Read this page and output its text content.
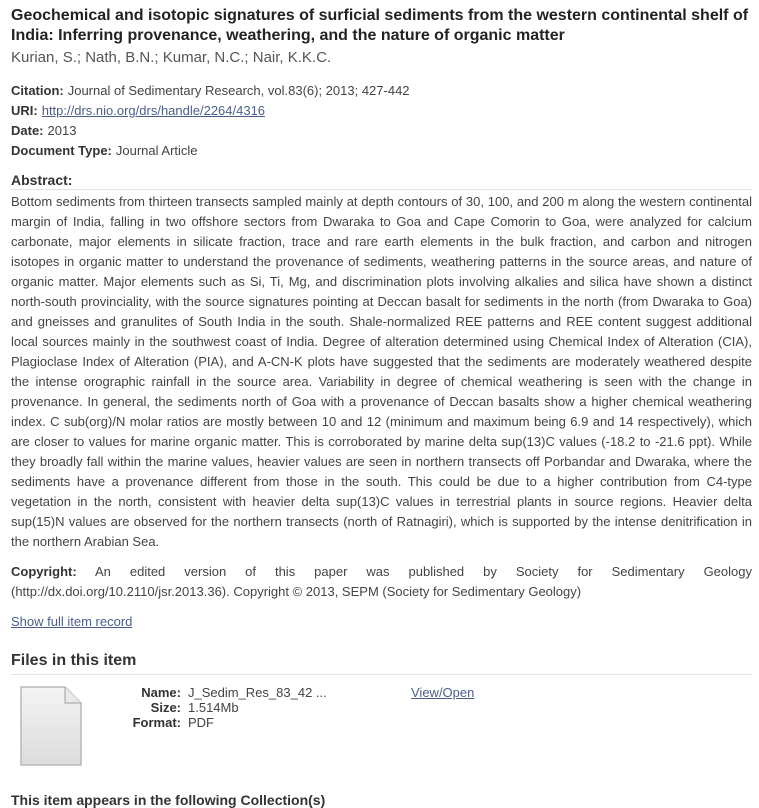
Geochemical and isotopic signatures of surficial sediments from the western continental shelf of India: Inferring provenance, weathering, and the nature of organic matter
Kurian, S.; Nath, B.N.; Kumar, N.C.; Nair, K.K.C.
Citation: Journal of Sedimentary Research, vol.83(6); 2013; 427-442
URI: http://drs.nio.org/drs/handle/2264/4316
Date: 2013
Document Type: Journal Article
Abstract:
Bottom sediments from thirteen transects sampled mainly at depth contours of 30, 100, and 200 m along the western continental margin of India, falling in two offshore sectors from Dwaraka to Goa and Cape Comorin to Goa, were analyzed for calcium carbonate, major elements in silicate fraction, trace and rare earth elements in the bulk fraction, and carbon and nitrogen isotopes in organic matter to understand the provenance of sediments, weathering patterns in the source areas, and nature of organic matter. Major elements such as Si, Ti, Mg, and discrimination plots involving alkalies and silica have shown a distinct north-south provinciality, with the source signatures pointing at Deccan basalt for sediments in the north (from Dwaraka to Goa) and gneisses and granulites of South India in the south. Shale-normalized REE patterns and REE content suggest additional local sources mainly in the southwest coast of India. Degree of alteration determined using Chemical Index of Alteration (CIA), Plagioclase Index of Alteration (PIA), and A-CN-K plots have suggested that the sediments are moderately weathered despite the intense orographic rainfall in the source area. Variability in degree of chemical weathering is seen with the change in provenance. In general, the sediments north of Goa with a provenance of Deccan basalts show a higher chemical weathering index. C sub(org)/N molar ratios are mostly between 10 and 12 (minimum and maximum being 6.9 and 14 respectively), which are closer to values for marine organic matter. This is corroborated by marine delta sup(13)C values (-18.2 to -21.6 ppt). While they broadly fall within the marine values, heavier values are seen in northern transects off Porbandar and Dwaraka, where the sediments have a provenance different from those in the south. This could be due to a higher contribution from C4-type vegetation in the north, consistent with heavier delta sup(13)C values in terrestrial plants in source regions. Heavier delta sup(15)N values are observed for the northern transects (north of Ratnagiri), which is supported by the intense denitrification in the northern Arabian Sea.
Copyright: An edited version of this paper was published by Society for Sedimentary Geology (http://dx.doi.org/10.2110/jsr.2013.36). Copyright © 2013, SEPM (Society for Sedimentary Geology)
Show full item record
Files in this item
Name: J_Sedim_Res_83_42 ...
Size: 1.514Mb
Format: PDF
View/Open
This item appears in the following Collection(s)
